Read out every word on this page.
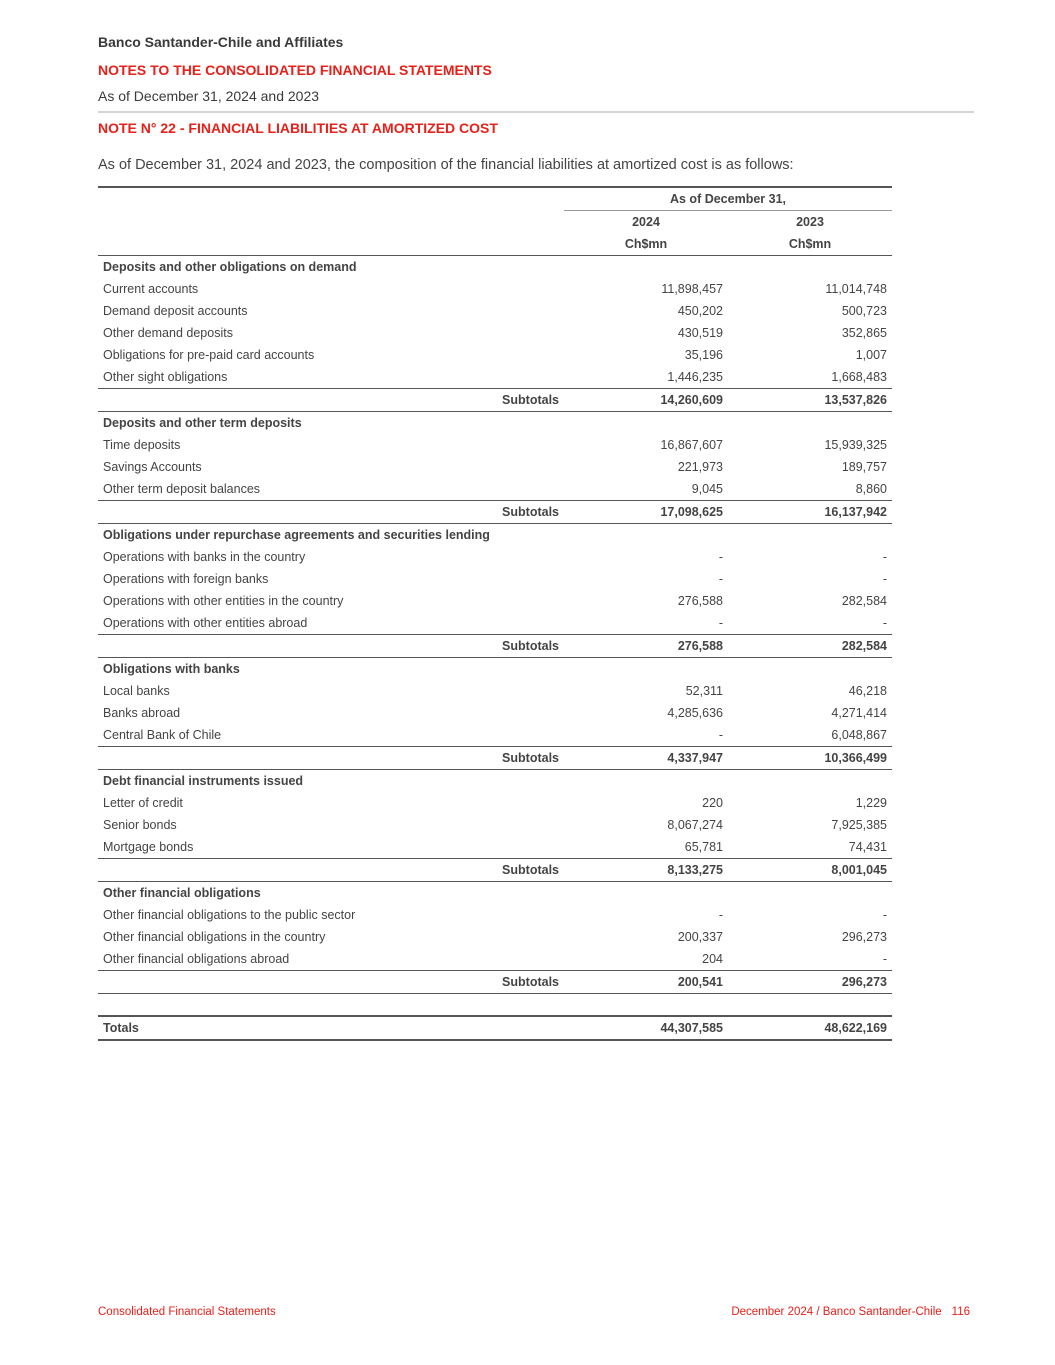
Banco Santander-Chile and Affiliates
NOTES TO THE CONSOLIDATED FINANCIAL STATEMENTS
As of December 31, 2024 and 2023
NOTE N° 22 - FINANCIAL LIABILITIES AT AMORTIZED COST
As of December 31, 2024 and 2023, the composition of the financial liabilities at amortized cost is as follows:

	As of December 31,	
	2024	2023
	Ch$mn	Ch$mn
Deposits and other obligations on demand		
Current accounts	11,898,457	11,014,748
Demand deposit accounts	450,202	500,723
Other demand deposits	430,519	352,865
Obligations for pre-paid card accounts	35,196	1,007
Other sight obligations	1,446,235	1,668,483
Subtotals	14,260,609	13,537,826
Deposits and other term deposits		
Time deposits	16,867,607	15,939,325
Savings Accounts	221,973	189,757
Other term deposit balances	9,045	8,860
Subtotals	17,098,625	16,137,942
Obligations under repurchase agreements and securities lending		
Operations with banks in the country	-	-
Operations with foreign banks	-	-
Operations with other entities in the country	276,588	282,584
Operations with other entities abroad	-	-
Subtotals	276,588	282,584
Obligations with banks		
Local banks	52,311	46,218
Banks abroad	4,285,636	4,271,414
Central Bank of Chile	-	6,048,867
Subtotals	4,337,947	10,366,499
Debt financial instruments issued		
Letter of credit	220	1,229
Senior bonds	8,067,274	7,925,385
Mortgage bonds	65,781	74,431
Subtotals	8,133,275	8,001,045
Other financial obligations		
Other financial obligations to the public sector	-	-
Other financial obligations in the country	200,337	296,273
Other financial obligations abroad	204	-
Subtotals	200,541	296,273

Totals	44,307,585	48,622,169
Consolidated Financial Statements	December 2024 / Banco Santander-Chile 116
